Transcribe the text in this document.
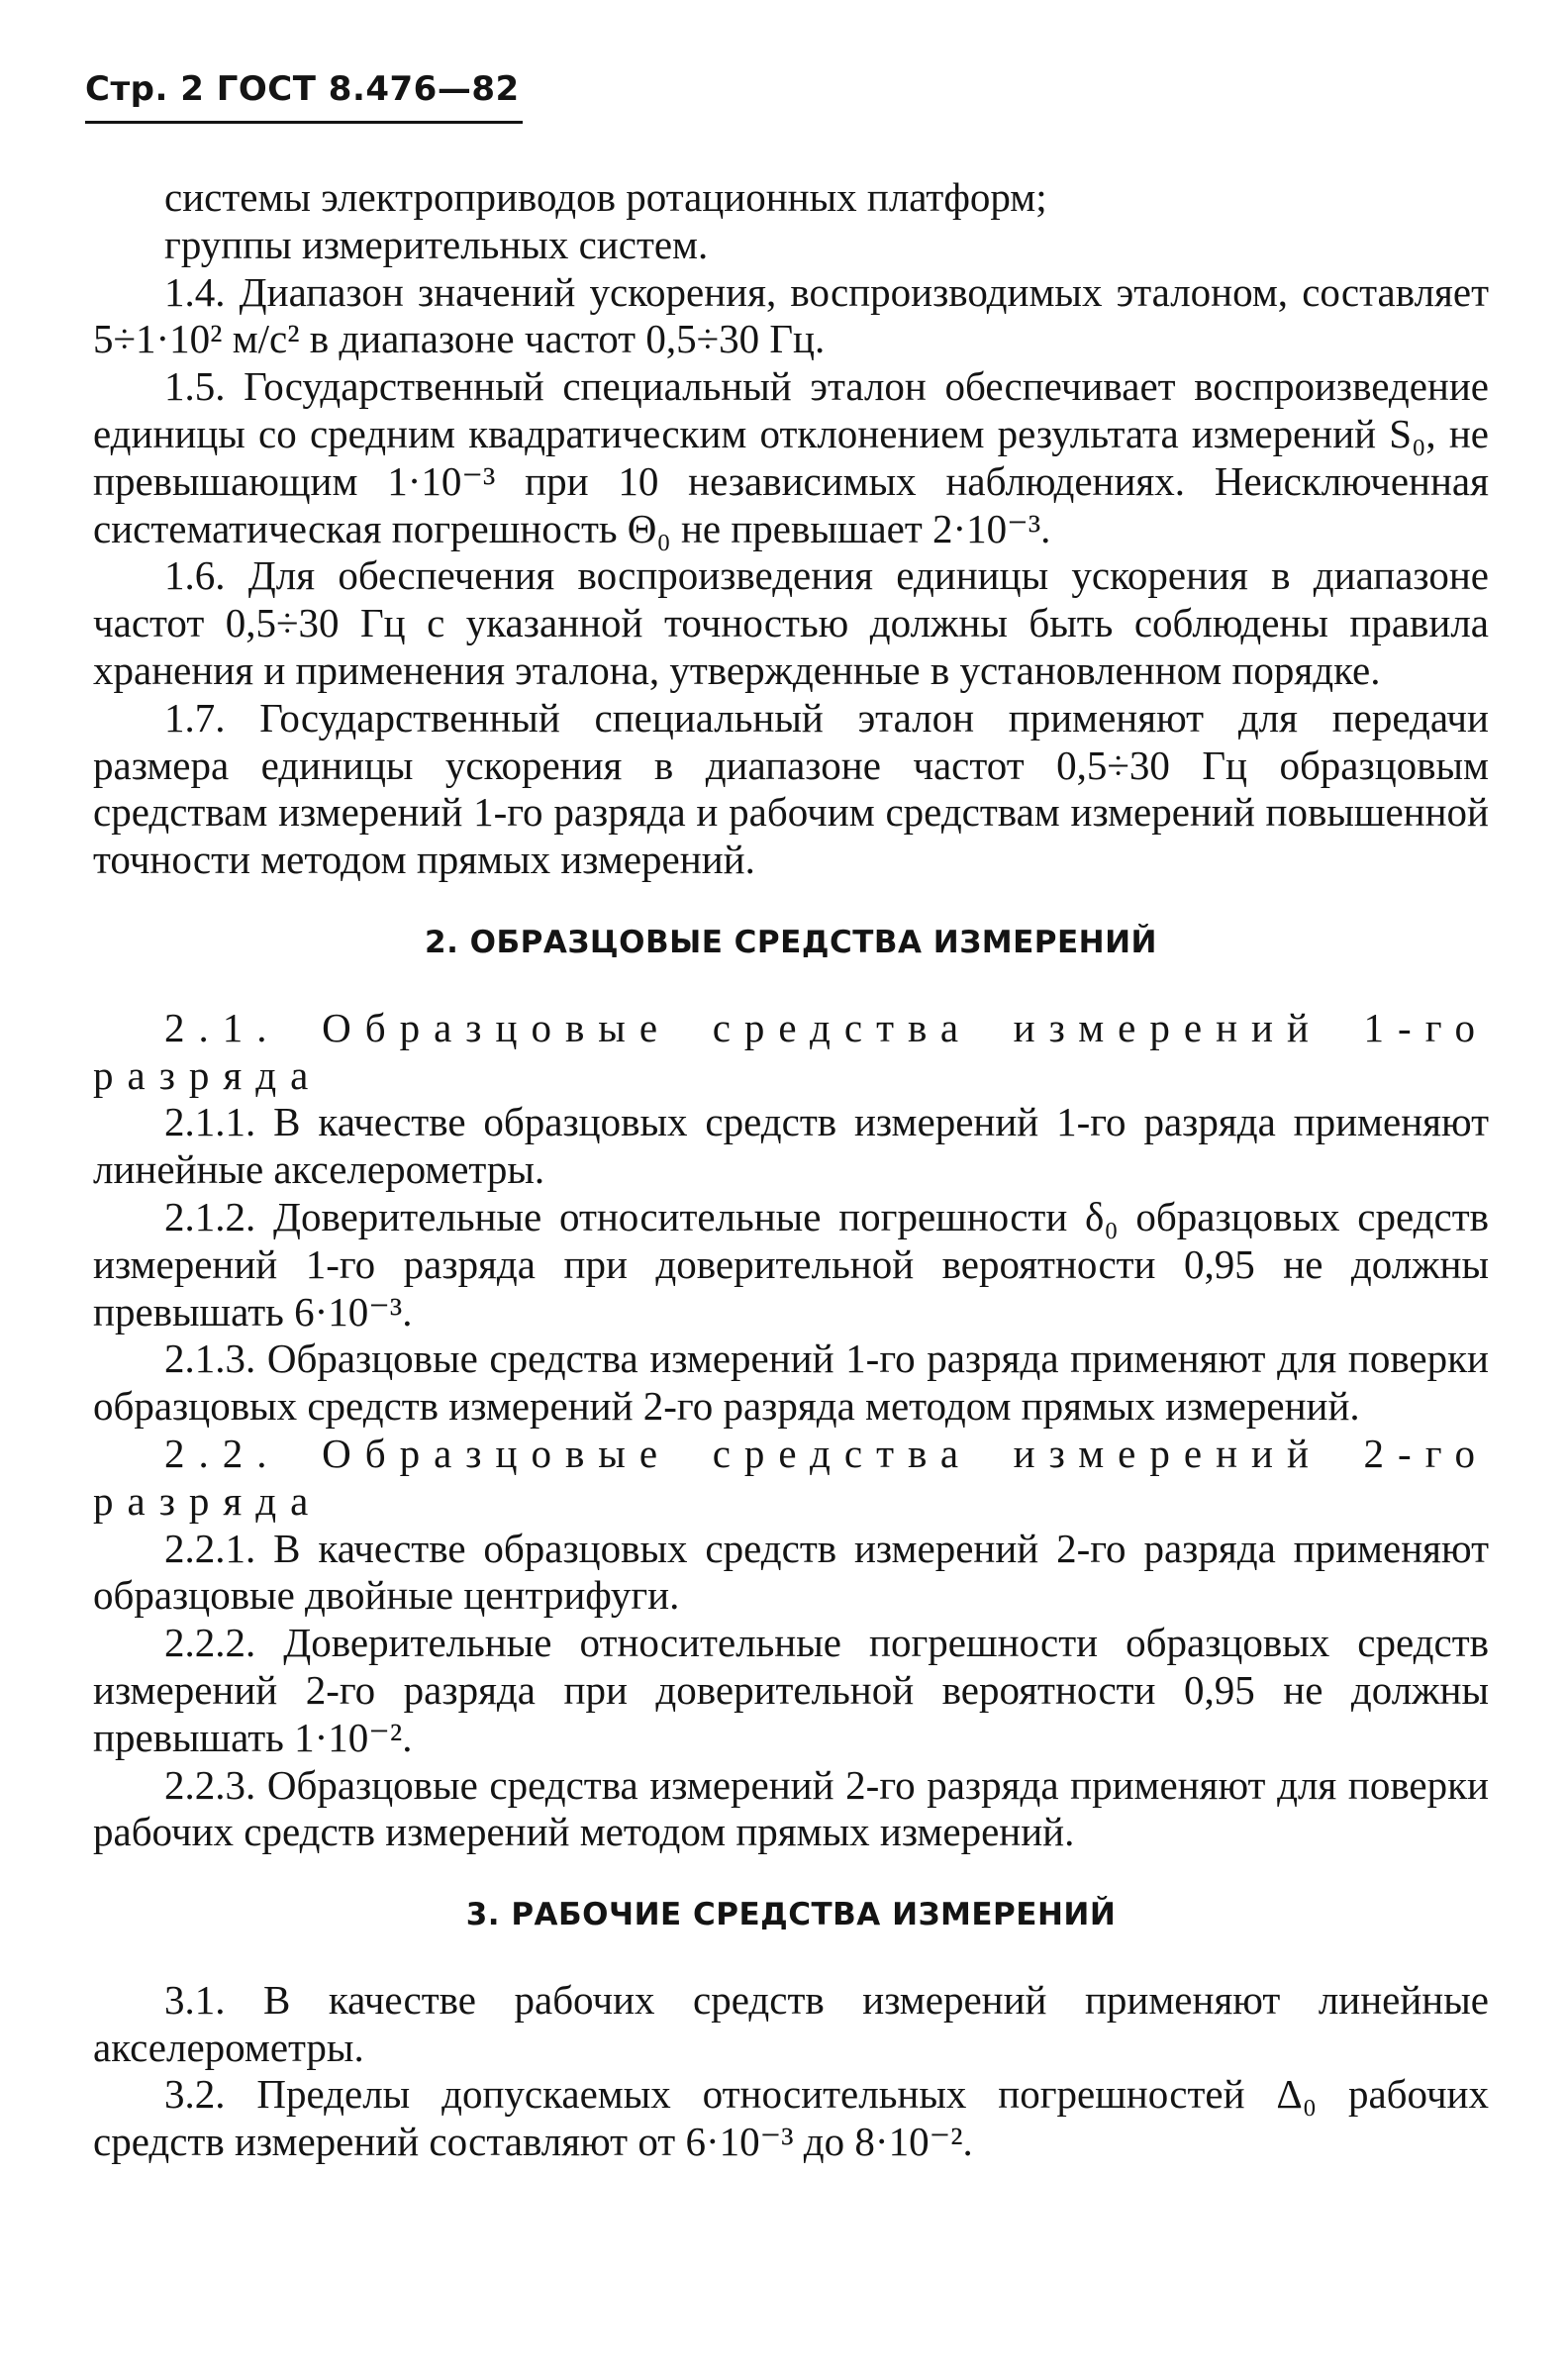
Стр. 2 ГОСТ 8.476—82

системы электроприводов ротационных платформ;

группы измерительных систем.

1.4. Диапазон значений ускорения, воспроизводимых эталоном, составляет 5÷1·10² м/с² в диапазоне частот 0,5÷30 Гц.

1.5. Государственный специальный эталон обеспечивает воспроизведение единицы со средним квадратическим отклонением результата измерений S₀, не превышающим 1·10⁻³ при 10 независимых наблюдениях. Неисключенная систематическая погрешность Θ₀ не превышает 2·10⁻³.

1.6. Для обеспечения воспроизведения единицы ускорения в диапазоне частот 0,5÷30 Гц с указанной точностью должны быть соблюдены правила хранения и применения эталона, утвержденные в установленном порядке.

1.7. Государственный специальный эталон применяют для передачи размера единицы ускорения в диапазоне частот 0,5÷30 Гц образцовым средствам измерений 1-го разряда и рабочим средствам измерений повышенной точности методом прямых измерений.

2. ОБРАЗЦОВЫЕ СРЕДСТВА ИЗМЕРЕНИЙ

2.1. Образцовые средства измерений 1-го разряда

2.1.1. В качестве образцовых средств измерений 1-го разряда применяют линейные акселерометры.

2.1.2. Доверительные относительные погрешности δ₀ образцовых средств измерений 1-го разряда при доверительной вероятности 0,95 не должны превышать 6·10⁻³.

2.1.3. Образцовые средства измерений 1-го разряда применяют для поверки образцовых средств измерений 2-го разряда методом прямых измерений.

2.2. Образцовые средства измерений 2-го разряда

2.2.1. В качестве образцовых средств измерений 2-го разряда применяют образцовые двойные центрифуги.

2.2.2. Доверительные относительные погрешности образцовых средств измерений 2-го разряда при доверительной вероятности 0,95 не должны превышать 1·10⁻².

2.2.3. Образцовые средства измерений 2-го разряда применяют для поверки рабочих средств измерений методом прямых измерений.

3. РАБОЧИЕ СРЕДСТВА ИЗМЕРЕНИЙ

3.1. В качестве рабочих средств измерений применяют линейные акселерометры.

3.2. Пределы допускаемых относительных погрешностей Δ₀ рабочих средств измерений составляют от 6·10⁻³ до 8·10⁻².
